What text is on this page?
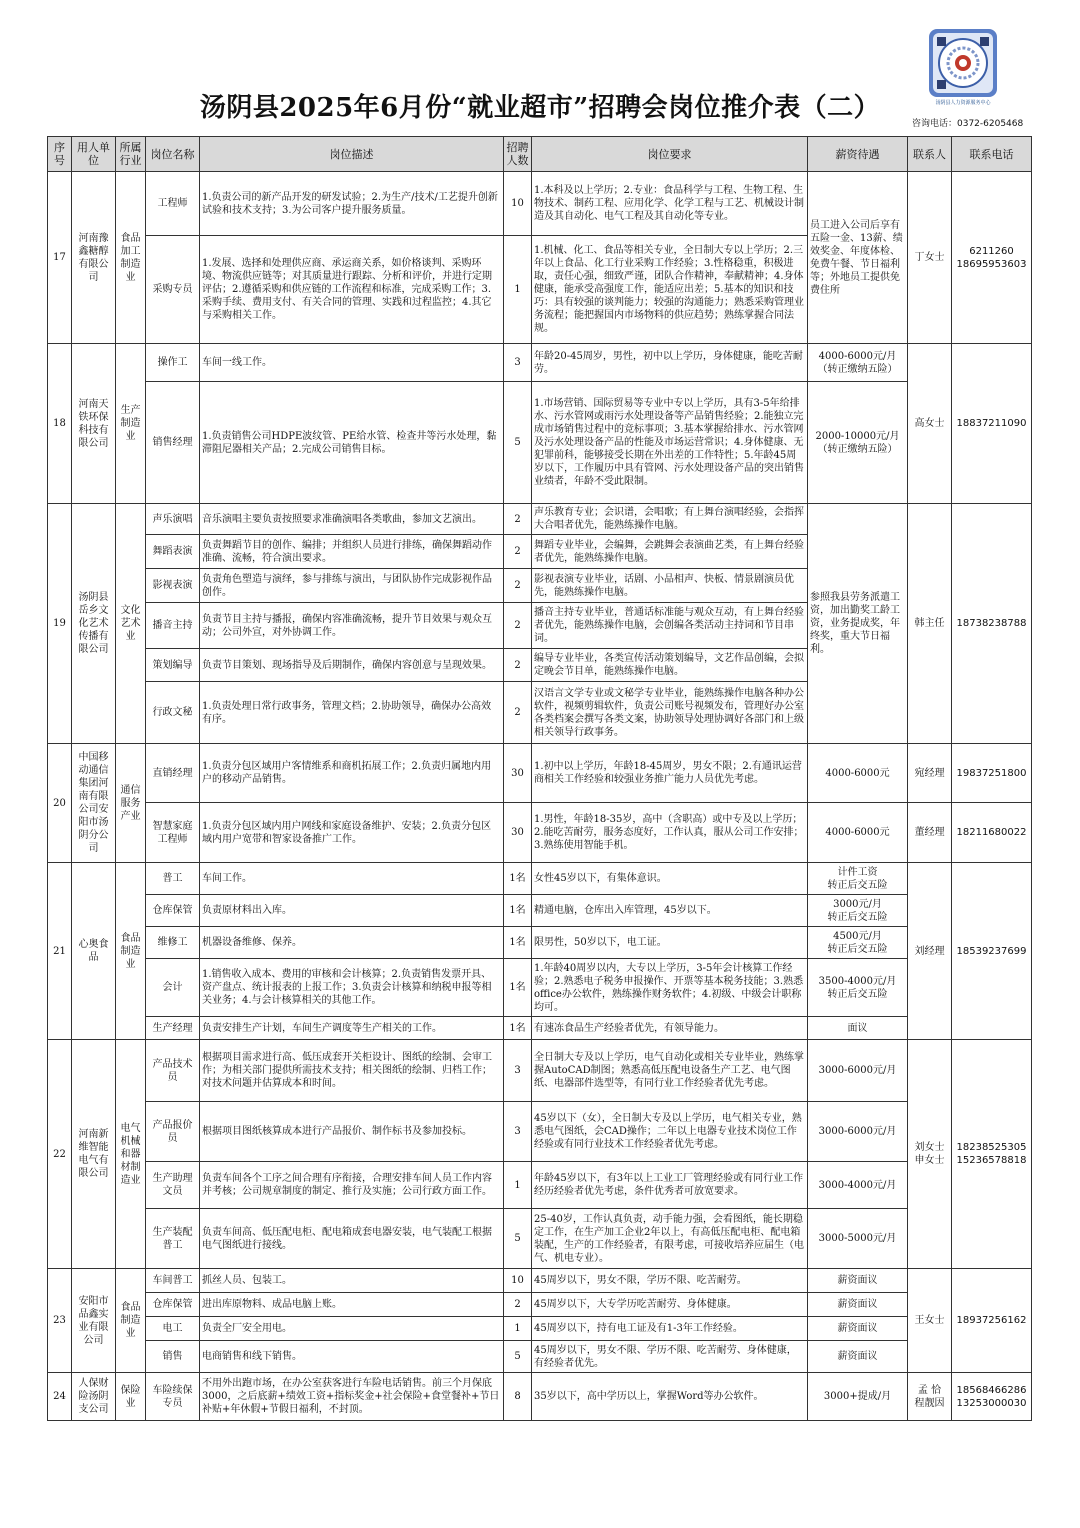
汤阴县人力资源服务中心
汤阴县2025年6月份“就业超市”招聘会岗位推介表（二）
咨询电话：0372-6205468
序号	用人单位	所属行业	岗位名称	岗位描述	招聘人数	岗位要求	薪资待遇	联系人	联系电话
17	河南豫鑫糖醇有限公司	食品加工制造业	工程师	1.负责公司的新产品开发的研发试验；2.为生产/技术/工艺提升创新试验和技术支持；3.为公司客户提升服务质量。	10	1.本科及以上学历；2.专业：食品科学与工程、生物工程、生物技术、制药工程、应用化学、化学工程与工艺、机械设计制造及其自动化、电气工程及其自动化等专业。	员工进入公司后享有五险一金、13薪、绩效奖金、年度体检、免费午餐、节日福利等；外地员工提供免费住所	丁女士	6211260
18695953603
			采购专员	1.发展、选择和处理供应商、承运商关系，如价格谈判、采购环境、物流供应链等；对其质量进行跟踪、分析和评价，并进行定期评估；2.遵循采购和供应链的工作流程和标准，完成采购工作；3.采购手续、费用支付、有关合同的管理、实践和过程监控；4.其它与采购相关工作。	1	1.机械、化工、食品等相关专业，全日制大专以上学历；2.三年以上食品、化工行业采购工作经验；3.性格稳重，积极进取，责任心强，细致严谨，团队合作精神，奉献精神；4.身体健康，能承受高强度工作，能适应出差；5.基本的知识和技巧：具有较强的谈判能力；较强的沟通能力；熟悉采购管理业务流程；能把握国内市场物料的供应趋势；熟练掌握合同法规。			
18	河南天铁环保科技有限公司	生产制造业	操作工	车间一线工作。	3	年龄20-45周岁，男性，初中以上学历，身体健康，能吃苦耐劳。	4000-6000元/月（转正缴纳五险）	高女士	18837211090
			销售经理	1.负责销售公司HDPE波纹管、PE给水管、检查井等污水处理，黏滞阻尼器相关产品；2.完成公司销售目标。	5	1.市场营销、国际贸易等专业中专以上学历，具有3-5年给排水、污水管网或雨污水处理设备等产品销售经验；2.能独立完成市场销售过程中的竞标事项；3.基本掌握给排水、污水管网及污水处理设备产品的性能及市场运营常识；4.身体健康、无犯罪前科，能够接受长期在外出差的工作特性；5.年龄45周岁以下，工作履历中具有管网、污水处理设备产品的突出销售业绩者，年龄不受此限制。	2000-10000元/月（转正缴纳五险）		
19	汤阴县岳乡文化艺术传播有限公司	文化艺术业	声乐演唱	音乐演唱主要负责按照要求准确演唱各类歌曲，参加文艺演出。	2	声乐教育专业；会识谱，会唱歌；有上舞台演唱经验，会指挥大合唱者优先，能熟练操作电脑。	参照我县劳务派遣工资，加出勤奖工龄工资，业务提成奖，年终奖，重大节日福利。	韩主任	18738238788
			舞蹈表演	负责舞蹈节目的创作、编排；并组织人员进行排练，确保舞蹈动作准确、流畅，符合演出要求。	2	舞蹈专业毕业，会编舞，会跳舞会表演曲艺类，有上舞台经验者优先，能熟练操作电脑。			
			影视表演	负责角色塑造与演绎，参与排练与演出，与团队协作完成影视作品创作。	2	影视表演专业毕业，话剧、小品相声、快板、情景剧演员优先，能熟练操作电脑。			
			播音主持	负责节目主持与播报，确保内容准确流畅，提升节目效果与观众互动；公司外宣，对外协调工作。	2	播音主持专业毕业，普通话标准能与观众互动，有上舞台经验者优先，能熟练操作电脑，会创编各类活动主持词和节目串词。			
			策划编导	负责节目策划、现场指导及后期制作，确保内容创意与呈现效果。	2	编导专业毕业，各类宣传活动策划编导，文艺作品创编，会拟定晚会节目单，能熟练操作电脑。			
			行政文秘	1.负责处理日常行政事务，管理文档；2.协助领导，确保办公高效有序。	2	汉语言文学专业或文秘学专业毕业，能熟练操作电脑各种办公软件，视频剪辑软件，负责公司账号视频发布，管理好办公室各类档案会撰写各类文案，协助领导处理协调好各部门和上级相关领导行政事务。			
20	中国移动通信集团河南有限公司安阳市汤阴分公司	通信服务产业	直销经理	1.负责分包区域用户客情维系和商机拓展工作；2.负责归属地内用户的移动产品销售。	30	1.初中以上学历，年龄18-45周岁，男女不限；2.有通讯运营商相关工作经验和较强业务推广能力人员优先考虑。	4000-6000元	宛经理	19837251800
			智慧家庭工程师	1.负责分包区域内用户网线和家庭设备维护、安装；2.负责分包区域内用户宽带和智家设备推广工作。	30	1.男性，年龄18-35岁，高中（含职高）或中专及以上学历；2.能吃苦耐劳，服务态度好，工作认真，服从公司工作安排；3.熟练使用智能手机。	4000-6000元	董经理	18211680022
21	心奥食品	食品制造业	普工	车间工作。	1名	女性45岁以下，有集体意识。	计件工资
转正后交五险	刘经理	18539237699
			仓库保管	负责原材料出入库。	1名	精通电脑，仓库出入库管理，45岁以下。	3000元/月
转正后交五险		
			维修工	机器设备维修、保养。	1名	限男性，50岁以下，电工证。	4500元/月
转正后交五险		
			会计	1.销售收入成本、费用的审核和会计核算；2.负责销售发票开具、资产盘点、统计报表的上报工作；3.负责会计核算和纳税申报等相关业务；4.与会计核算相关的其他工作。	1名	1.年龄40周岁以内，大专以上学历，3-5年会计核算工作经验；2.熟悉电子税务申报操作、开票等基本税务技能；3.熟悉office办公软件，熟练操作财务软件；4.初级、中级会计职称均可。	3500-4000元/月
转正后交五险		
			生产经理	负责安排生产计划，车间生产调度等生产相关的工作。	1名	有速冻食品生产经验者优先，有领导能力。	面议		
22	河南新维智能电气有限公司	电气机械和器材制造业	产品技术员	根据项目需求进行高、低压成套开关柜设计、图纸的绘制、会审工作；为相关部门提供所需技术支持；相关图纸的绘制、归档工作；对技术问题并估算成本和时间。	3	全日制大专及以上学历，电气自动化或相关专业毕业，熟练掌握AutoCAD制图；熟悉高低压配电设备生产工艺、电气图纸、电器部件选型等，有同行业工作经验者优先考虑。	3000-6000元/月	刘女士
申女士	18238525305
15236578818
			产品报价员	根据项目图纸核算成本进行产品报价、制作标书及参加投标。	3	45岁以下（女），全日制大专及以上学历，电气相关专业，熟悉电气图纸，会CAD操作；二年以上电器专业技术岗位工作经验或有同行业技术工作经验者优先考虑。	3000-6000元/月		
			生产助理文员	负责车间各个工序之间合理有序衔接，合理安排车间人员工作内容并考核；公司规章制度的制定、推行及实施；公司行政方面工作。	1	年龄45岁以下，有3年以上工业工厂管理经验或有同行业工作经历经验者优先考虑，条件优秀者可放宽要求。	3000-4000元/月		
			生产装配普工	负责车间高、低压配电柜、配电箱成套电器安装，电气装配工根据电气图纸进行接线。	5	25-40岁，工作认真负责，动手能力强，会看图纸，能长期稳定工作，在生产加工企业2年以上，有高低压配电柜、配电箱装配，生产的工作经验者，有限考虑，可接收培养应届生（电气、机电专业）。	3000-5000元/月		
23	安阳市品鑫实业有限公司	食品制造业	车间普工	抓丝人员、包装工。	10	45周岁以下，男女不限，学历不限、吃苦耐劳。	薪资面议	王女士	18937256162
			仓库保管	进出库原物料、成品电脑上账。	2	45周岁以下，大专学历吃苦耐劳、身体健康。	薪资面议		
			电工	负责全厂安全用电。	1	45周岁以下，持有电工证及有1-3年工作经验。	薪资面议		
			销售	电商销售和线下销售。	5	45周岁以下，男女不限、学历不限、吃苦耐劳、身体健康，有经验者优先。	薪资面议		
24	人保财险汤阴支公司	保险业	车险续保专员	不用外出跑市场，在办公室获客进行车险电话销售。前三个月保底3000，之后底薪+绩效工资+指标奖金+社会保险+食堂餐补+节日补贴+年休假+节假日福利，不封顶。	8	35岁以下，高中学历以上，掌握Word等办公软件。	3000+提成/月	孟 恰
程靓因	18568466286
13253000030
